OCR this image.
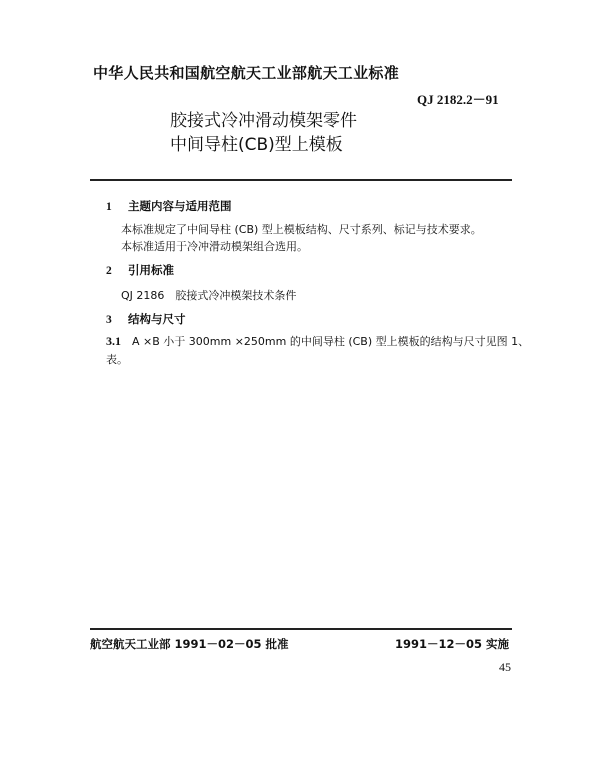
中华人民共和国航空航天工业部航天工业标准
QJ 2182.2－91
胶接式冷冲滑动模架零件
中间导柱(CB)型上模板
1 主题内容与适用范围
本标准规定了中间导柱 (CB) 型上模板结构、尺寸系列、标记与技术要求。
本标准适用于冷冲滑动模架组合选用。
2 引用标准
QJ 2186　胶接式冷冲模架技术条件
3 结构与尺寸
3.1 A ×B 小于 300mm ×250mm 的中间导柱 (CB) 型上模板的结构与尺寸见图 1、
表。
航空航天工业部 1991－02－05 批准	1991－12－05 实施
45
